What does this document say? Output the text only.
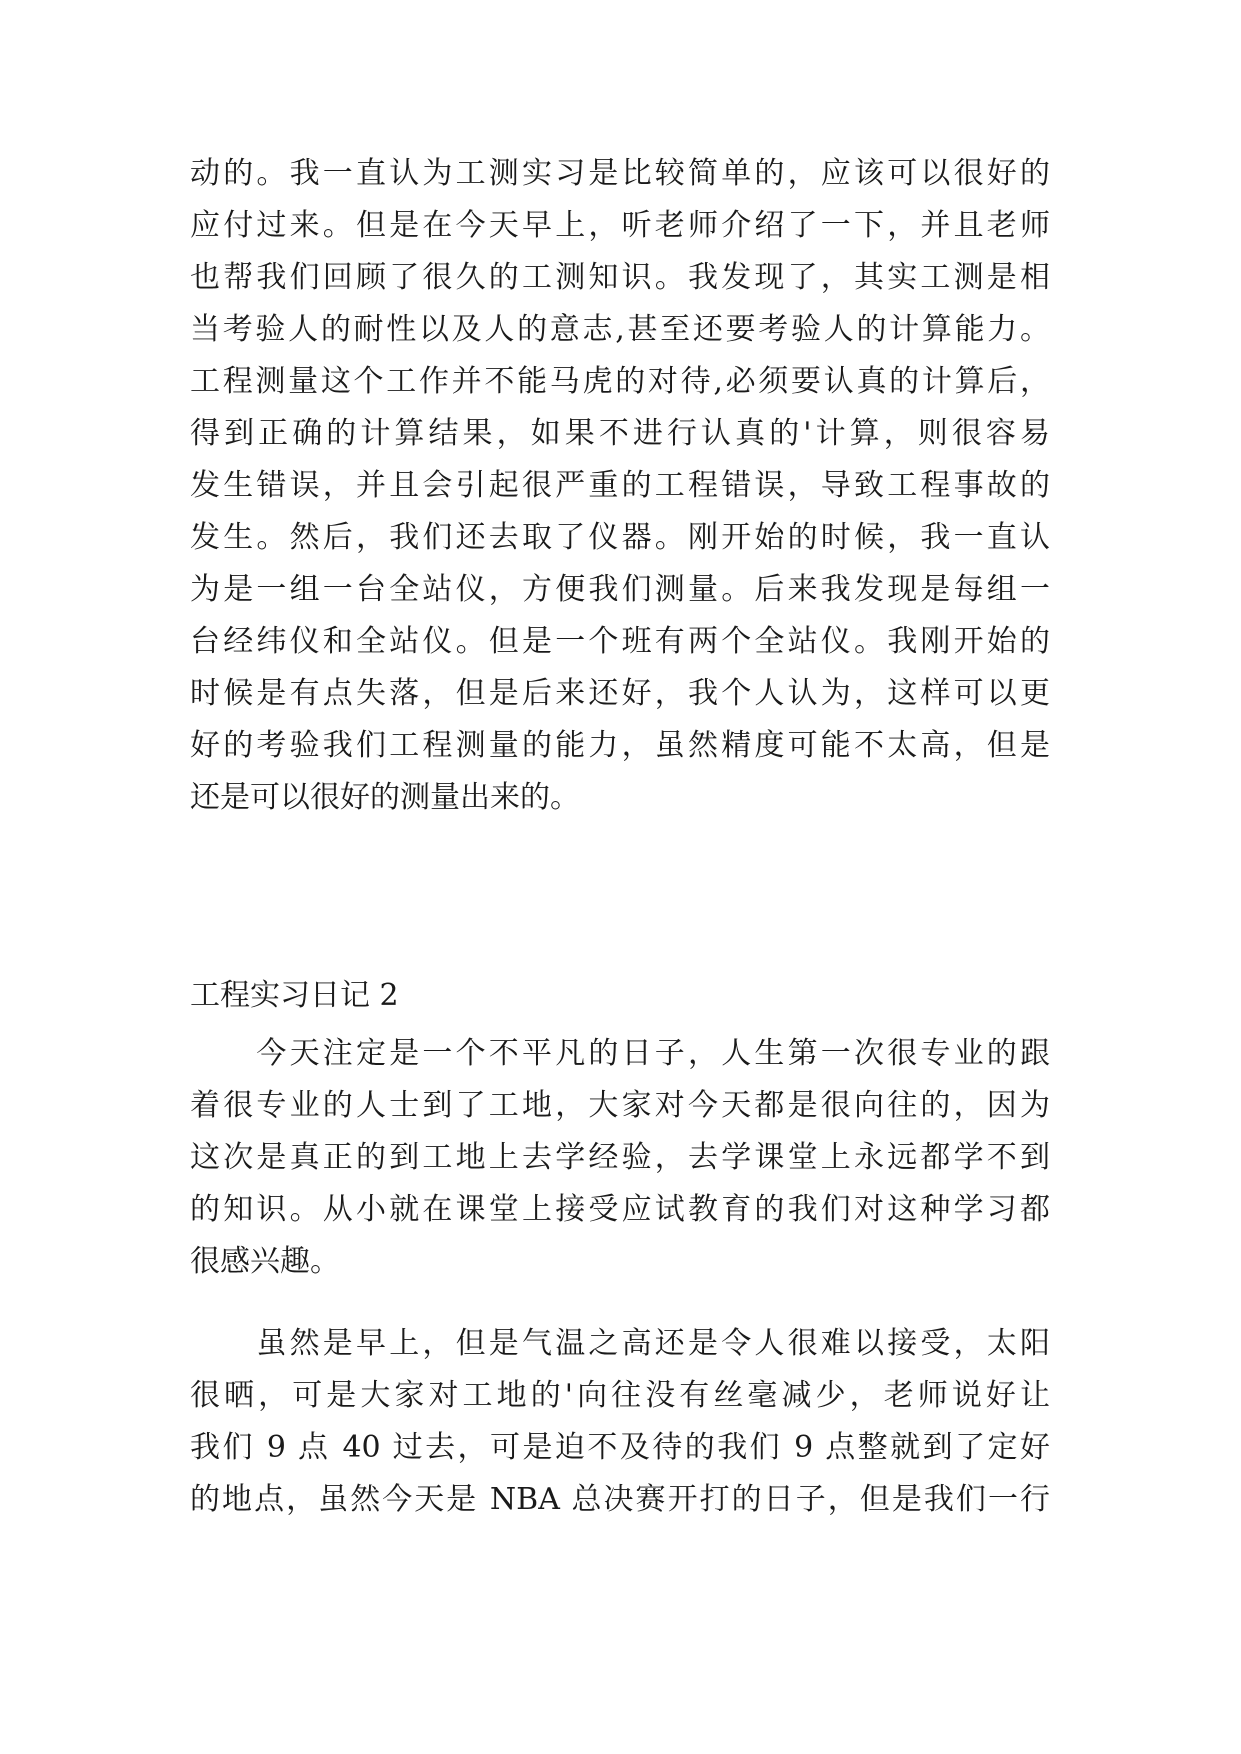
动的。我一直认为工测实习是比较简单的，应该可以很好的
应付过来。但是在今天早上，听老师介绍了一下，并且老师
也帮我们回顾了很久的工测知识。我发现了，其实工测是相
当考验人的耐性以及人的意志,甚至还要考验人的计算能力。
工程测量这个工作并不能马虎的对待,必须要认真的计算后，
得到正确的计算结果，如果不进行认真的'计算，则很容易
发生错误，并且会引起很严重的工程错误，导致工程事故的
发生。然后，我们还去取了仪器。刚开始的时候，我一直认
为是一组一台全站仪，方便我们测量。后来我发现是每组一
台经纬仪和全站仪。但是一个班有两个全站仪。我刚开始的
时候是有点失落，但是后来还好，我个人认为，这样可以更
好的考验我们工程测量的能力，虽然精度可能不太高，但是
还是可以很好的测量出来的。
工程实习日记 2
　　今天注定是一个不平凡的日子，人生第一次很专业的跟
着很专业的人士到了工地，大家对今天都是很向往的，因为
这次是真正的到工地上去学经验，去学课堂上永远都学不到
的知识。从小就在课堂上接受应试教育的我们对这种学习都
很感兴趣。
　　虽然是早上，但是气温之高还是令人很难以接受，太阳
很晒，可是大家对工地的'向往没有丝毫减少，老师说好让
我们 9 点 40 过去，可是迫不及待的我们 9 点整就到了定好
的地点，虽然今天是 NBA 总决赛开打的日子，但是我们一行
